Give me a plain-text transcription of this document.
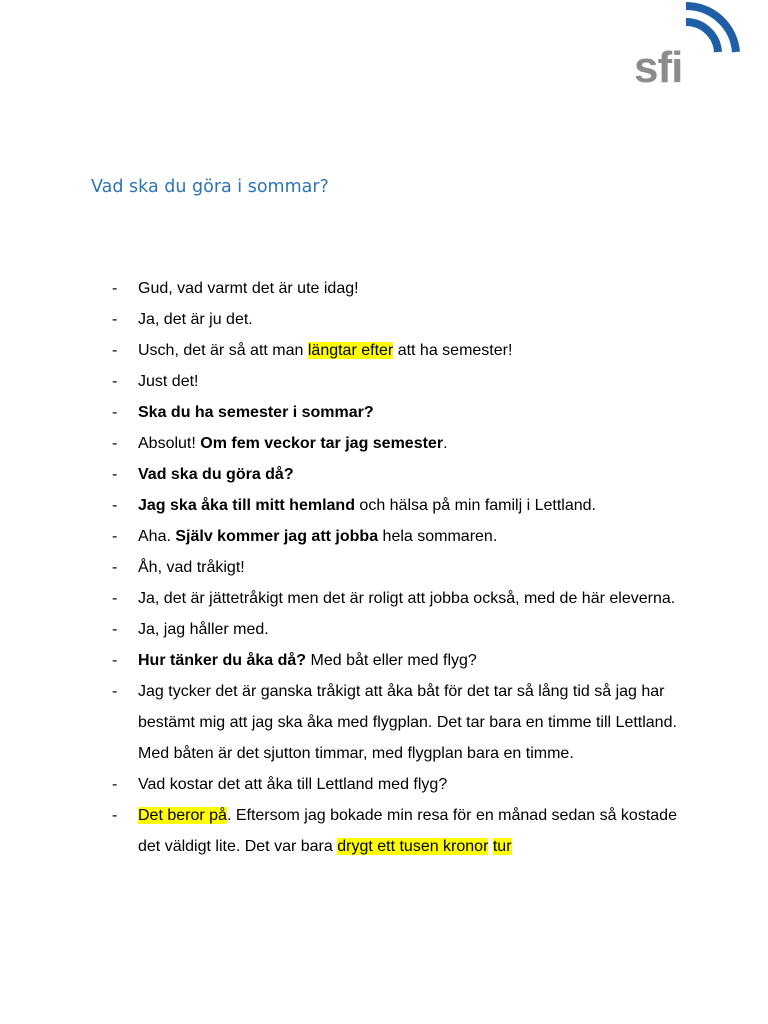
sfi
Vad ska du göra i sommar?
-	Gud, vad varmt det är ute idag!
-	Ja, det är ju det.
-	Usch, det är så att man längtar efter att ha semester!
-	Just det!
-	Ska du ha semester i sommar?
-	Absolut! Om fem veckor tar jag semester.
-	Vad ska du göra då?
-	Jag ska åka till mitt hemland och hälsa på min familj i Lettland.
-	Aha. Själv kommer jag att jobba hela sommaren.
-	Åh, vad tråkigt!
-	Ja, det är jättetråkigt men det är roligt att jobba också, med de här eleverna.
-	Ja, jag håller med.
-	Hur tänker du åka då? Med båt eller med flyg?
-	Jag tycker det är ganska tråkigt att åka båt för det tar så lång tid så jag har bestämt mig att jag ska åka med flygplan. Det tar bara en timme till Lettland. Med båten är det sjutton timmar, med flygplan bara en timme.
-	Vad kostar det att åka till Lettland med flyg?
-	Det beror på. Eftersom jag bokade min resa för en månad sedan så kostade det väldigt lite. Det var bara drygt ett tusen kronor tur
